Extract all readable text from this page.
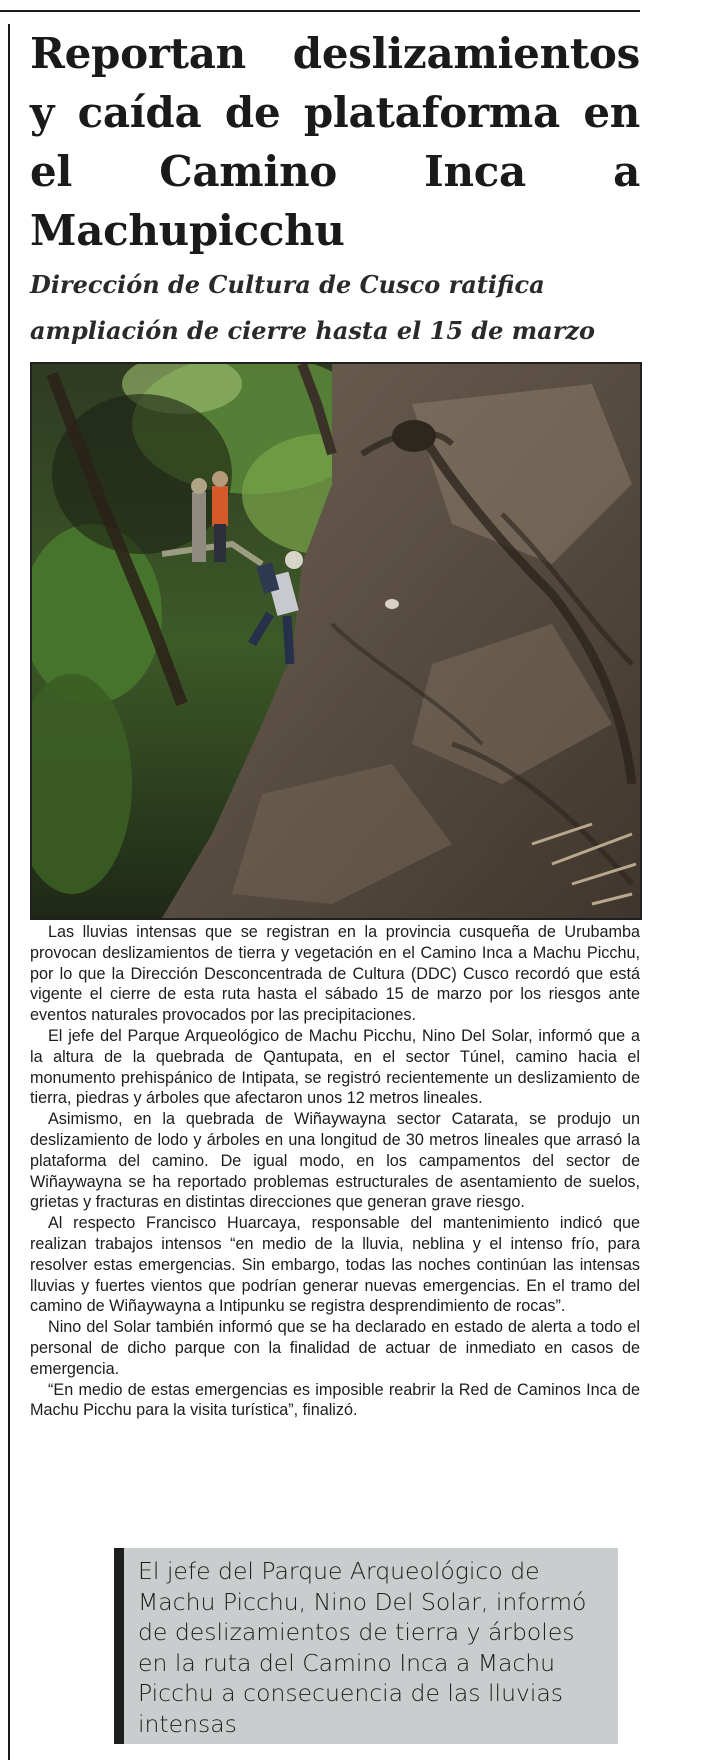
Reportan deslizamientos y caída de plataforma en el Camino Inca a Machupicchu
Dirección de Cultura de Cusco ratifica ampliación de cierre hasta el 15 de marzo

Las lluvias intensas que se registran en la provincia cusqueña de Urubamba provocan deslizamientos de tierra y vegetación en el Camino Inca a Machu Picchu, por lo que la Dirección Desconcentrada de Cultura (DDC) Cusco recordó que está vigente el cierre de esta ruta hasta el sábado 15 de marzo por los riesgos ante eventos naturales provocados por las precipitaciones.

El jefe del Parque Arqueológico de Machu Picchu, Nino Del Solar, informó que a la altura de la quebrada de Qantupata, en el sector Túnel, camino hacia el monumento prehispánico de Intipata, se registró recientemente un deslizamiento de tierra, piedras y árboles que afectaron unos 12 metros lineales.

Asimismo, en la quebrada de Wiñaywayna sector Catarata, se produjo un deslizamiento de lodo y árboles en una longitud de 30 metros lineales que arrasó la plataforma del camino. De igual modo, en los campamentos del sector de Wiñaywayna se ha reportado problemas estructurales de asentamiento de suelos, grietas y fracturas en distintas direcciones que generan grave riesgo.

Al respecto Francisco Huarcaya, responsable del mantenimiento indicó que realizan trabajos intensos “en medio de la lluvia, neblina y el intenso frío, para resolver estas emergencias. Sin embargo, todas las noches continúan las intensas lluvias y fuertes vientos que podrían generar nuevas emergencias. En el tramo del camino de Wiñaywayna a Intipunku se registra desprendimiento de rocas”.

Nino del Solar también informó que se ha declarado en estado de alerta a todo el personal de dicho parque con la finalidad de actuar de inmediato en casos de emergencia.

“En medio de estas emergencias es imposible reabrir la Red de Caminos Inca de Machu Picchu para la visita turística”, finalizó.

El jefe del Parque Arqueológico de Machu Picchu, Nino Del Solar, informó de deslizamientos de tierra y árboles en la ruta del Camino Inca a Machu Picchu a consecuencia de las lluvias intensas
